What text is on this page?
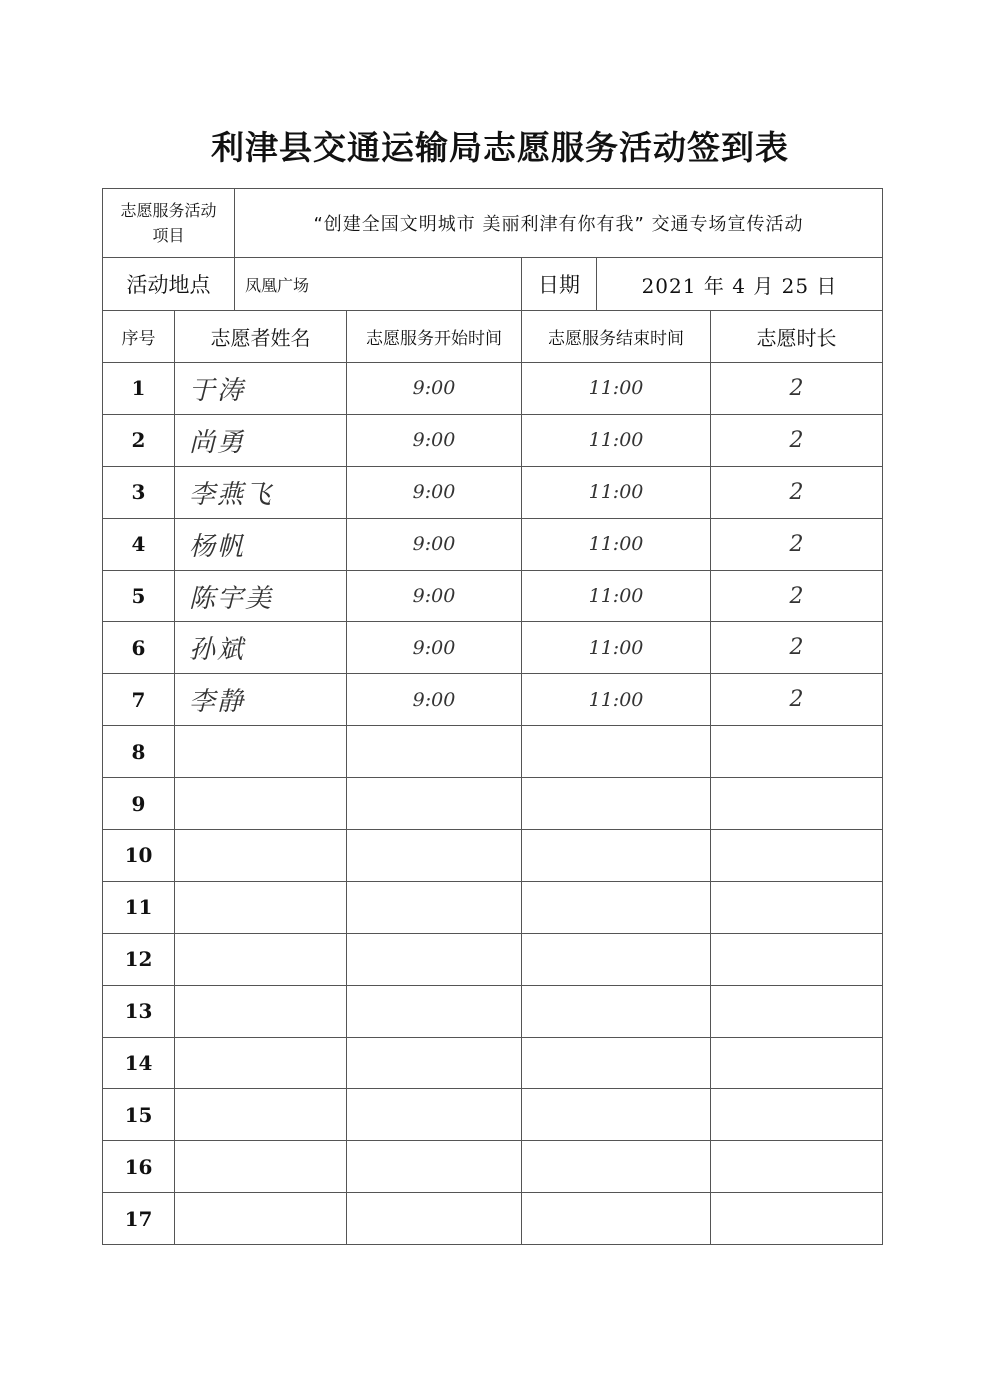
利津县交通运输局志愿服务活动签到表
志愿服务活动
项目		“创建全国文明城市 美丽利津有你有我” 交通专场宣传活动				
活动地点		凤凰广场		日期	2021 年 4 月 25 日	
序号	志愿者姓名		志愿服务开始时间	志愿服务结束时间		志愿时长
1	于涛		9:00	11:00		2
2	尚勇		9:00	11:00		2
3	李燕飞		9:00	11:00		2
4	杨帆		9:00	11:00		2
5	陈宇美		9:00	11:00		2
6	孙斌		9:00	11:00		2
7	李静		9:00	11:00		2
8						
9						
10						
11						
12						
13						
14						
15						
16						
17						
